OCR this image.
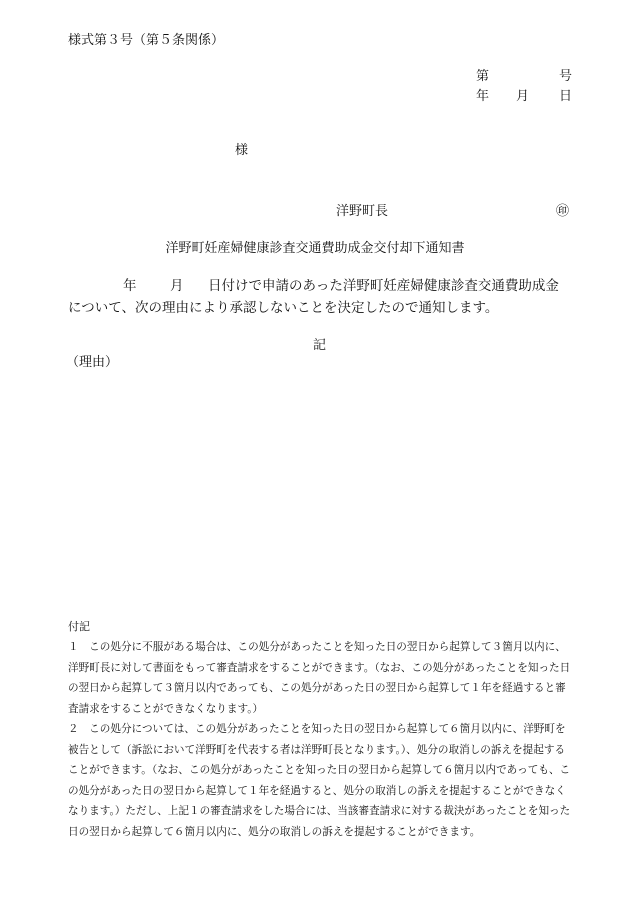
様式第３号（第５条関係）
第	号
年 月 日
様
洋野町長	㊞
洋野町妊産婦健康診査交通費助成金交付却下通知書
年 月 日付けで申請のあった洋野町妊産婦健康診査交通費助成金
について、次の理由により承認しないことを決定したので通知します。
記
（理由）
付記

１　この処分に不服がある場合は、この処分があったことを知った日の翌日から起算して３箇月以内に、

洋野町長に対して書面をもって審査請求をすることができます。（なお、この処分があったことを知った日

の翌日から起算して３箇月以内であっても、この処分があった日の翌日から起算して１年を経過すると審

査請求をすることができなくなります。）

２　この処分については、この処分があったことを知った日の翌日から起算して６箇月以内に、洋野町を

被告として（訴訟において洋野町を代表する者は洋野町長となります。）、処分の取消しの訴えを提起する

ことができます。（なお、この処分があったことを知った日の翌日から起算して６箇月以内であっても、こ

の処分があった日の翌日から起算して１年を経過すると、処分の取消しの訴えを提起することができなく

なります。）ただし、上記１の審査請求をした場合には、当該審査請求に対する裁決があったことを知った

日の翌日から起算して６箇月以内に、処分の取消しの訴えを提起することができます。
